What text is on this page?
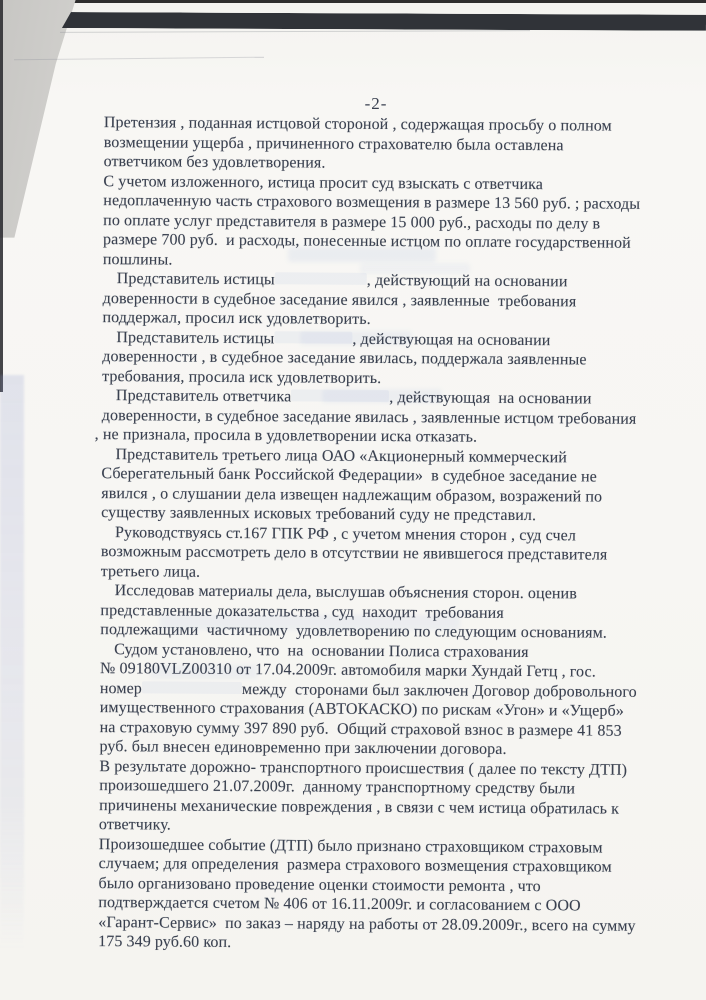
-2-
Претензия , поданная истцовой стороной , содержащая просьбу о полном
возмещении ущерба , причиненного страхователю была оставлена
ответчиком без удовлетворения.
С учетом изложенного, истица просит суд взыскать с ответчика
недоплаченную часть страхового возмещения в размере 13 560 руб. ; расходы
по оплате услуг представителя в размере 15 000 руб., расходы по делу в
размере 700 руб.  и расходы, понесенные истцом по оплате государственной
пошлины.
Представитель истицы	, действующий на основании
доверенности в судебное заседание явился , заявленные  требования
поддержал, просил иск удовлетворить.
Представитель истицы	, действующая на основании
доверенности , в судебное заседание явилась, поддержала заявленные
требования, просила иск удовлетворить.
Представитель ответчика	, действующая  на основании
доверенности, в судебное заседание явилась , заявленные истцом требования
, не признала, просила в удовлетворении иска отказать.
Представитель третьего лица ОАО «Акционерный коммерческий
Сберегательный банк Российской Федерации»  в судебное заседание не
явился , о слушании дела извещен надлежащим образом, возражений по
существу заявленных исковых требований суду не представил.
Руководствуясь ст.167 ГПК РФ , с учетом мнения сторон , суд счел
возможным рассмотреть дело в отсутствии не явившегося представителя
третьего лица.
Исследовав материалы дела, выслушав объяснения сторон. оценив
представленные доказательства , суд  находит  требования
подлежащими  частичному  удовлетворению по следующим основаниям.
Судом установлено, что  на  основании Полиса страхования
№ 09180VLZ00310 от 17.04.2009г. автомобиля марки Хундай Гетц , гос.
номер	между  сторонами был заключен Договор добровольного
имущественного страхования (АВТОКАСКО) по рискам «Угон» и «Ущерб»
на страховую сумму 397 890 руб.  Общий страховой взнос в размере 41 853
руб. был внесен единовременно при заключении договора.
В результате дорожно- транспортного происшествия ( далее по тексту ДТП)
произошедшего 21.07.2009г.  данному транспортному средству были
причинены механические повреждения , в связи с чем истица обратилась к
ответчику.
Произошедшее событие (ДТП) было признано страховщиком страховым
случаем; для определения  размера страхового возмещения страховщиком
было организовано проведение оценки стоимости ремонта , что
подтверждается счетом № 406 от 16.11.2009г. и согласованием с ООО
«Гарант-Сервис»  по заказ – наряду на работы от 28.09.2009г., всего на сумму
175 349 руб.60 коп.
